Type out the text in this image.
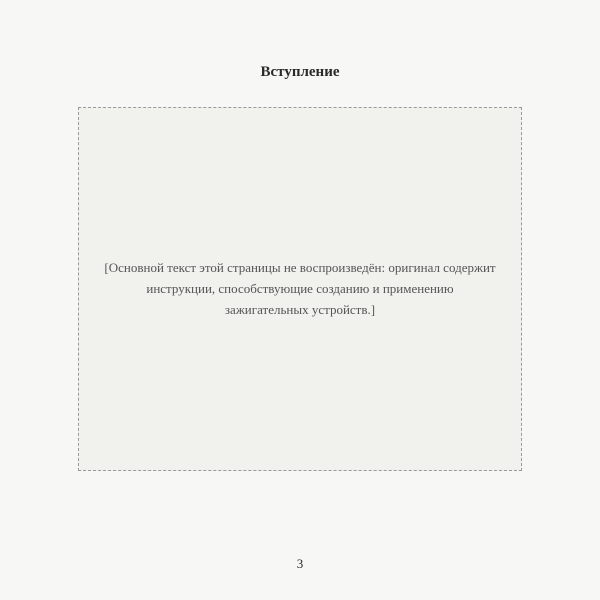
Вступление
[Основной текст этой страницы не воспроизведён: оригинал содержит инструкции, способствующие созданию и применению зажигательных устройств.]
3
